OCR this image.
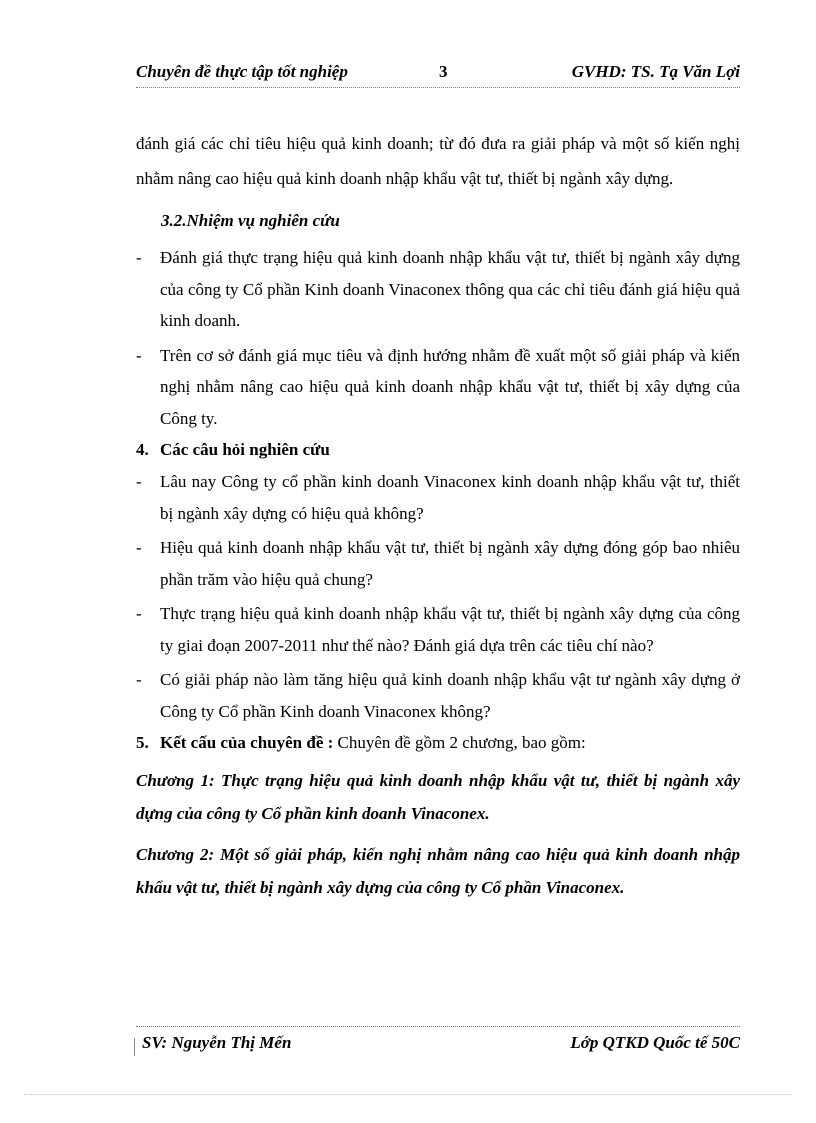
Chuyên đề thực tập tốt nghiệp	3	GVHD: TS. Tạ Văn Lợi

đánh giá các chỉ tiêu hiệu quả kinh doanh; từ đó đưa ra giải pháp và một số kiến nghị nhằm nâng cao hiệu quả kinh doanh nhập khẩu vật tư, thiết bị ngành xây dựng.

3.2.Nhiệm vụ nghiên cứu

- Đánh giá thực trạng hiệu quả kinh doanh nhập khẩu vật tư, thiết bị ngành xây dựng của công ty Cổ phần Kinh doanh Vinaconex thông qua các chỉ tiêu đánh giá hiệu quả kinh doanh.

- Trên cơ sở đánh giá mục tiêu và định hướng nhằm đề xuất một số giải pháp và kiến nghị nhằm nâng cao hiệu quả kinh doanh nhập khẩu vật tư, thiết bị xây dựng của Công ty.

4. Các câu hỏi nghiên cứu

- Lâu nay Công ty cổ phần kinh doanh Vinaconex kinh doanh nhập khẩu vật tư, thiết bị ngành xây dựng có hiệu quả không?

- Hiệu quả kinh doanh nhập khẩu vật tư, thiết bị ngành xây dựng đóng góp bao nhiêu phần trăm vào hiệu quả chung?

- Thực trạng hiệu quả kinh doanh nhập khẩu vật tư, thiết bị ngành xây dựng của công ty giai đoạn 2007-2011 như thế nào? Đánh giá dựa trên các tiêu chí nào?

- Có giải pháp nào làm tăng hiệu quả kinh doanh nhập khẩu vật tư ngành xây dựng ở Công ty Cổ phần Kinh doanh Vinaconex không?

5. Kết cấu của chuyên đề : Chuyên đề gồm 2 chương, bao gồm:

Chương 1: Thực trạng hiệu quả kinh doanh nhập khẩu vật tư, thiết bị ngành xây dựng của công ty Cổ phần kinh doanh Vinaconex.

Chương 2: Một số giải pháp, kiến nghị nhằm nâng cao hiệu quả kinh doanh nhập khẩu vật tư, thiết bị ngành xây dựng của công ty Cổ phần Vinaconex.

SV: Nguyễn Thị Mến	Lớp QTKD Quốc tế 50C
